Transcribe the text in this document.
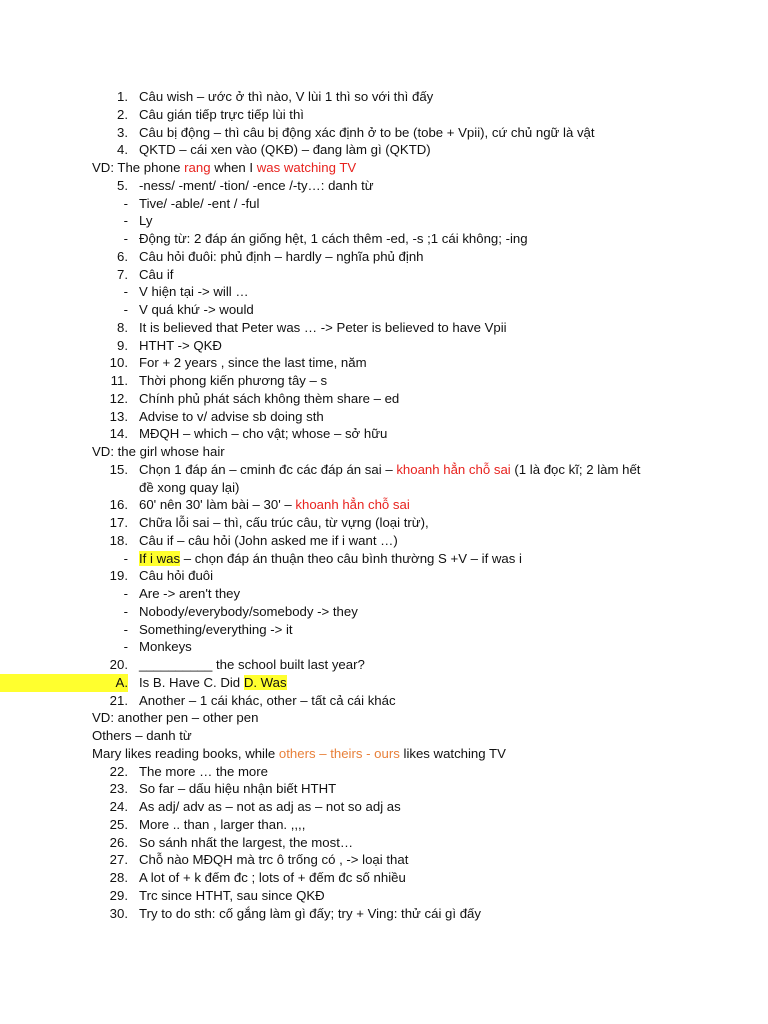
1. Câu wish – ước ở thì nào, V lùi 1 thì so với thì đấy
2. Câu gián tiếp trực tiếp lùi thì
3. Câu bị động – thì câu bị động xác định ở to be (tobe + Vpii), cứ chủ ngữ là vật
4. QKTD – cái xen vào (QKĐ) – đang làm gì (QKTD)
VD: The phone rang when I was watching TV
5. -ness/ -ment/ -tion/ -ence /-ty…: danh từ
- Tive/ -able/ -ent / -ful
- Ly
- Động từ: 2 đáp án giống hệt, 1 cách thêm -ed, -s ;1 cái không; -ing
6. Câu hỏi đuôi: phủ định – hardly – nghĩa phủ định
7. Câu if
- V hiện tại -> will …
- V quá khứ -> would
8. It is believed that Peter was … -> Peter is believed to have Vpii
9. HTHT -> QKĐ
10. For + 2 years , since the last time, năm
11. Thời phong kiến phương tây – s
12. Chính phủ phát sách không thèm share – ed
13. Advise to v/ advise sb doing sth
14. MĐQH – which – cho vật; whose – sở hữu
VD: the girl whose hair
15. Chọn 1 đáp án – cminh đc các đáp án sai – khoanh hẳn chỗ sai (1 là đọc kĩ; 2 làm hết
đề xong quay lại)
16. 60' nên 30' làm bài – 30' – khoanh hẳn chỗ sai
17. Chữa lỗi sai – thì, cấu trúc câu, từ vựng (loại trừ),
18. Câu if – câu hỏi (John asked me if i want …)
- If i was – chọn đáp án thuận theo câu bình thường S +V – if was i
19. Câu hỏi đuôi
- Are -> aren't they
- Nobody/everybody/somebody -> they
- Something/everything -> it
- Monkeys
20. __________ the school built last year?
A. Is B. Have C. Did D. Was
21. Another – 1 cái khác, other – tất cả cái khác
VD: another pen – other pen
Others – danh từ
Mary likes reading books, while others – theirs - ours likes watching TV
22. The more … the more
23. So far – dấu hiệu nhận biết HTHT
24. As adj/ adv as – not as adj as – not so adj as
25. More .. than , larger than. ,,,,
26. So sánh nhất the largest, the most…
27. Chỗ nào MĐQH mà trc ô trống có , -> loại that
28. A lot of + k đếm đc ; lots of + đếm đc số nhiều
29. Trc since HTHT, sau since QKĐ
30. Try to do sth: cố gắng làm gì đấy; try + Ving: thử cái gì đấy
